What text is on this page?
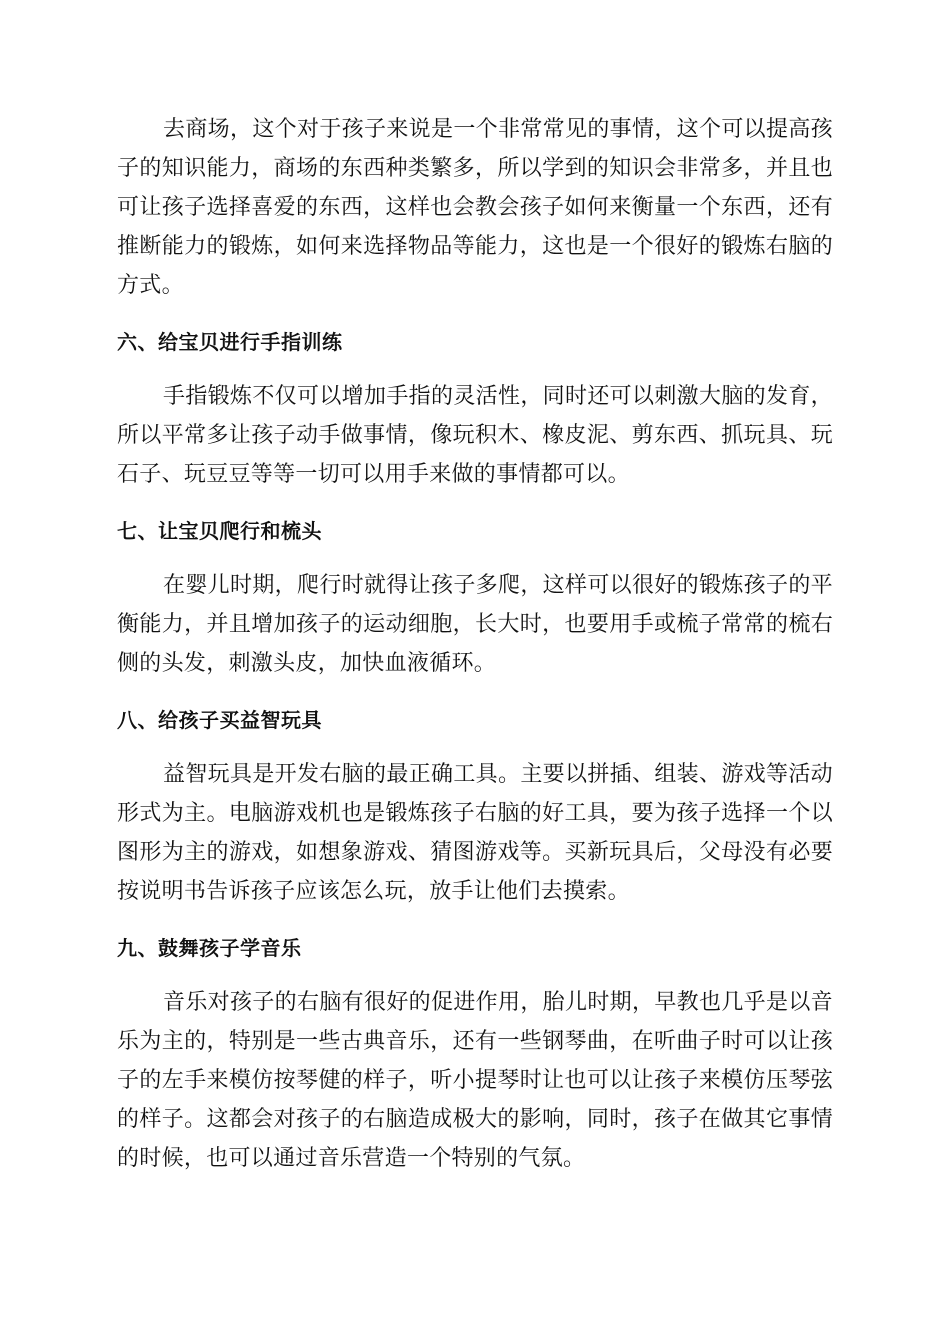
去商场，这个对于孩子来说是一个非常常见的事情，这个可以提高孩子的知识能力，商场的东西种类繁多，所以学到的知识会非常多，并且也可让孩子选择喜爱的东西，这样也会教会孩子如何来衡量一个东西，还有推断能力的锻炼，如何来选择物品等能力，这也是一个很好的锻炼右脑的方式。

六、给宝贝进行手指训练

手指锻炼不仅可以增加手指的灵活性，同时还可以刺激大脑的发育，所以平常多让孩子动手做事情，像玩积木、橡皮泥、剪东西、抓玩具、玩石子、玩豆豆等等一切可以用手来做的事情都可以。

七、让宝贝爬行和梳头

在婴儿时期，爬行时就得让孩子多爬，这样可以很好的锻炼孩子的平衡能力，并且增加孩子的运动细胞，长大时，也要用手或梳子常常的梳右侧的头发，刺激头皮，加快血液循环。

八、给孩子买益智玩具

益智玩具是开发右脑的最正确工具。主要以拼插、组装、游戏等活动形式为主。电脑游戏机也是锻炼孩子右脑的好工具，要为孩子选择一个以图形为主的游戏，如想象游戏、猜图游戏等。买新玩具后，父母没有必要按说明书告诉孩子应该怎么玩，放手让他们去摸索。

九、鼓舞孩子学音乐

音乐对孩子的右脑有很好的促进作用，胎儿时期，早教也几乎是以音乐为主的，特别是一些古典音乐，还有一些钢琴曲，在听曲子时可以让孩子的左手来模仿按琴健的样子，听小提琴时让也可以让孩子来模仿压琴弦的样子。这都会对孩子的右脑造成极大的影响，同时，孩子在做其它事情的时候，也可以通过音乐营造一个特别的气氛。
